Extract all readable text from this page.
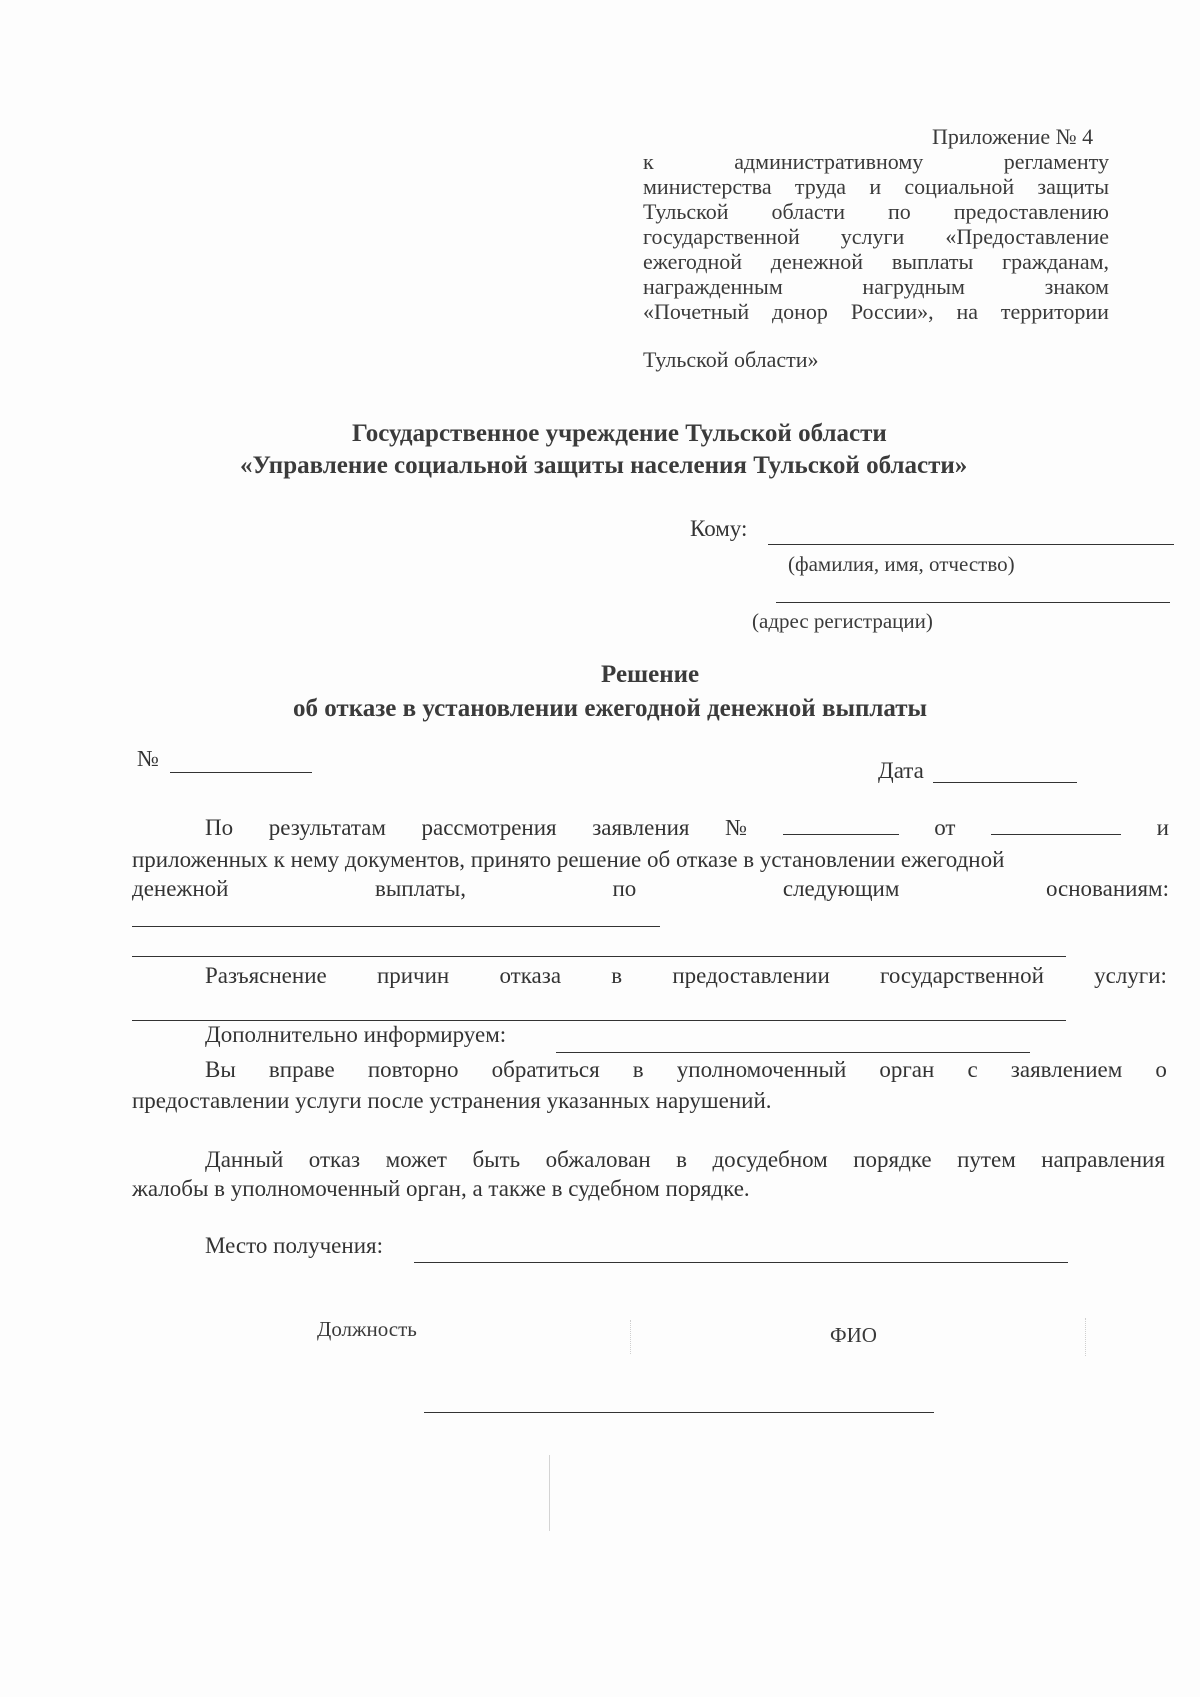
Приложение № 4
к	административному	регламенту
министерства труда и социальной защиты
Тульской области по предоставлению
государственной услуги «Предоставление
ежегодной денежной выплаты гражданам,
награжденным	нагрудным	знаком
«Почетный донор России», на территории
Тульской области»
Государственное учреждение Тульской области
«Управление социальной защиты населения Тульской области»
Кому:
(фамилия, имя, отчество)
(адрес регистрации)
Решение
об отказе в установлении ежегодной денежной выплаты
№	Дата
По результатам рассмотрения заявления №	от	и
приложенных к нему документов, принято решение об отказе в установлении ежегодной
денежной	выплаты,	по	следующим	основаниям:
Разъяснение причин отказа в предоставлении государственной услуги:
Дополнительно информируем:
Вы вправе повторно обратиться в уполномоченный орган с заявлением о
предоставлении услуги после устранения указанных нарушений.
Данный отказ может быть обжалован в досудебном порядке путем направления
жалобы в уполномоченный орган, а также в судебном порядке.
Место получения:
Должность	ФИО
